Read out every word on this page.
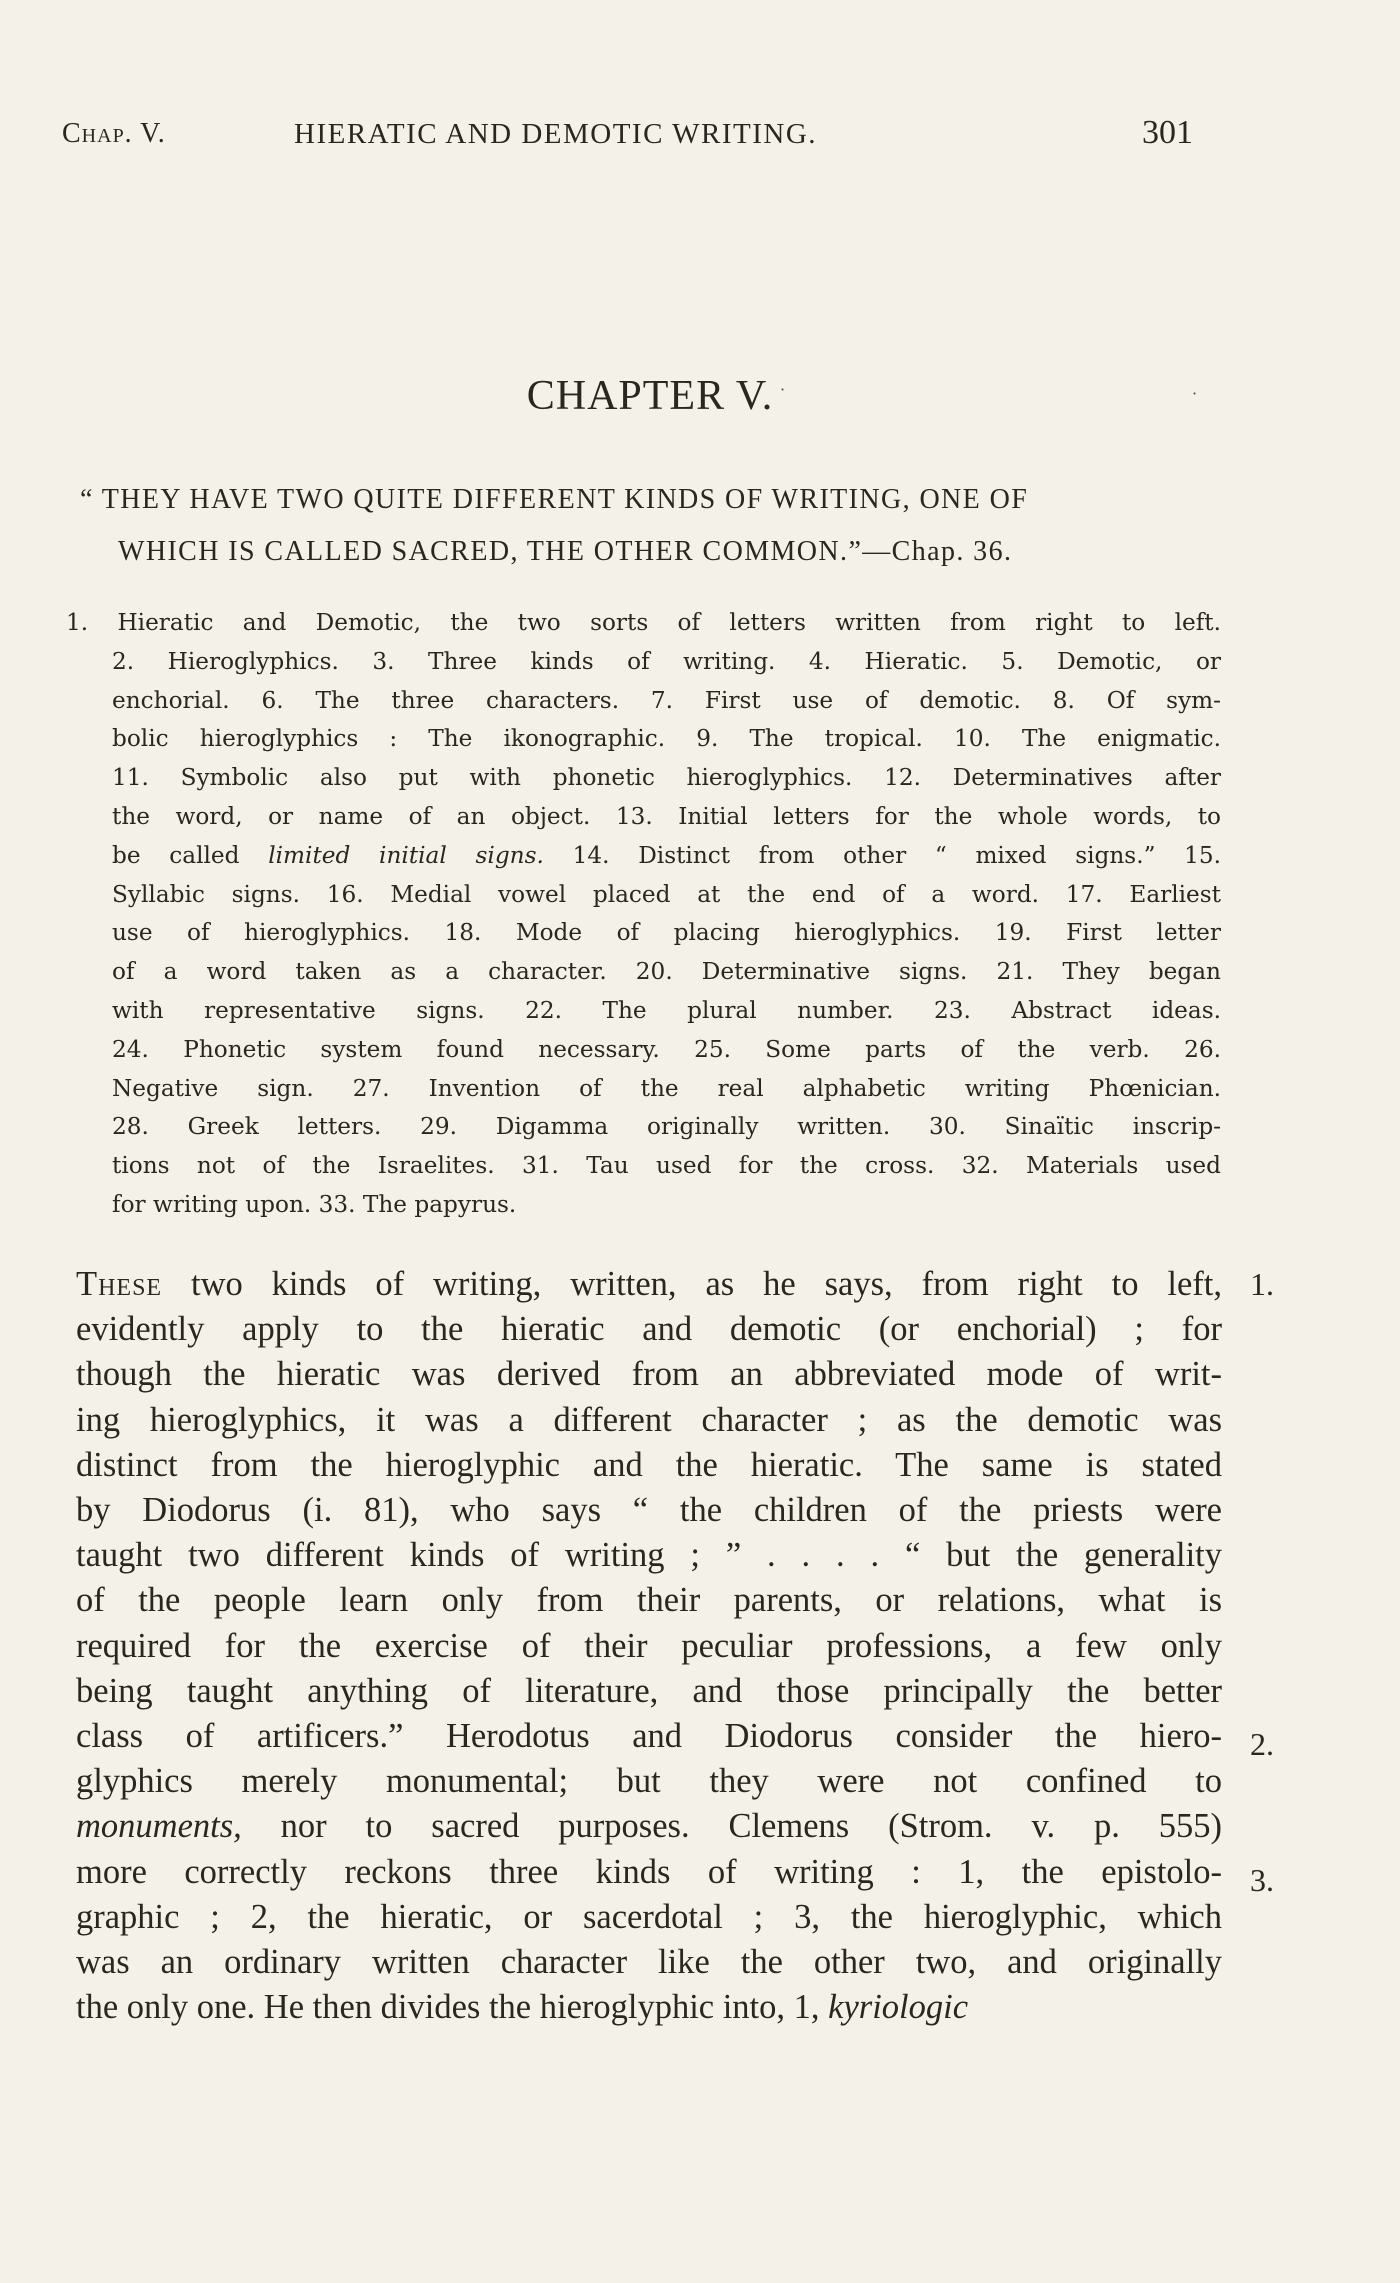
Chap. V.	HIERATIC AND DEMOTIC WRITING.	301
CHAPTER V.
“ THEY HAVE TWO QUITE DIFFERENT KINDS OF WRITING, ONE OF
WHICH IS CALLED SACRED, THE OTHER COMMON.”—Chap. 36.
1. Hieratic and Demotic, the two sorts of letters written from right to left.
2. Hieroglyphics. 3. Three kinds of writing. 4. Hieratic. 5. Demotic, or
enchorial. 6. The three characters. 7. First use of demotic. 8. Of sym-
bolic hieroglyphics : The ikonographic. 9. The tropical. 10. The enigmatic.
11. Symbolic also put with phonetic hieroglyphics. 12. Determinatives after
the word, or name of an object. 13. Initial letters for the whole words, to
be called limited initial signs. 14. Distinct from other “ mixed signs.” 15.
Syllabic signs. 16. Medial vowel placed at the end of a word. 17. Earliest
use of hieroglyphics. 18. Mode of placing hieroglyphics. 19. First letter
of a word taken as a character. 20. Determinative signs. 21. They began
with representative signs. 22. The plural number. 23. Abstract ideas.
24. Phonetic system found necessary. 25. Some parts of the verb. 26.
Negative sign. 27. Invention of the real alphabetic writing Phœnician.
28. Greek letters. 29. Digamma originally written. 30. Sinaïtic inscrip-
tions not of the Israelites. 31. Tau used for the cross. 32. Materials used
for writing upon. 33. The papyrus.
These two kinds of writing, written, as he says, from right to left,
evidently apply to the hieratic and demotic (or enchorial) ; for
though the hieratic was derived from an abbreviated mode of writ-
ing hieroglyphics, it was a different character ; as the demotic was
distinct from the hieroglyphic and the hieratic. The same is stated
by Diodorus (i. 81), who says “ the children of the priests were
taught two different kinds of writing ; ” . . . . “ but the generality
of the people learn only from their parents, or relations, what is
required for the exercise of their peculiar professions, a few only
being taught anything of literature, and those principally the better
class of artificers.” Herodotus and Diodorus consider the hiero-
glyphics merely monumental; but they were not confined to
monuments, nor to sacred purposes. Clemens (Strom. v. p. 555)
more correctly reckons three kinds of writing : 1, the epistolo-
graphic ; 2, the hieratic, or sacerdotal ; 3, the hieroglyphic, which
was an ordinary written character like the other two, and originally
the only one. He then divides the hieroglyphic into, 1, kyriologic
1.
2.
3.
·	·
